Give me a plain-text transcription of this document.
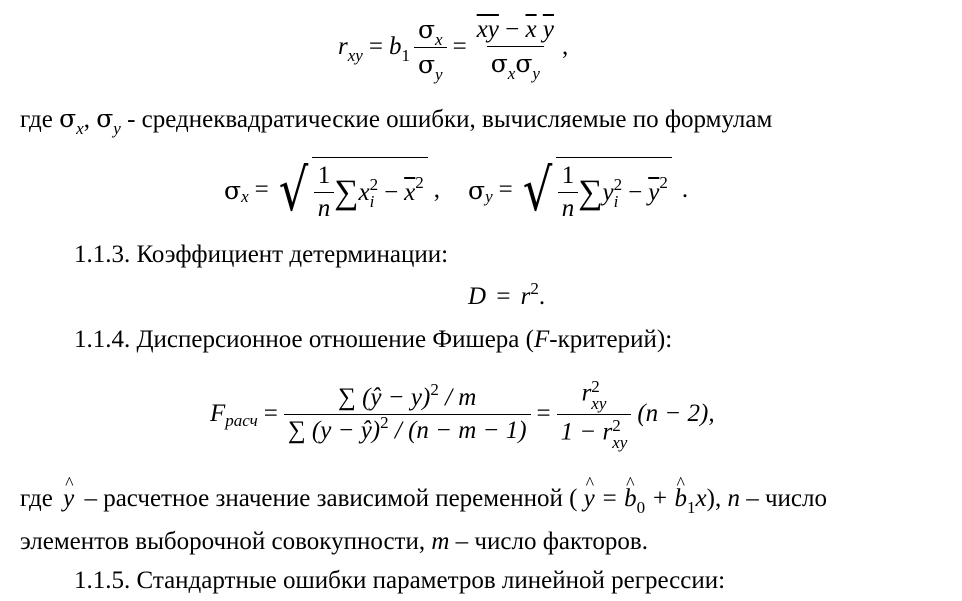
$r_{xy} = b_1 \frac{\sigma_x}{\sigma_y} = \frac{\overline{xy} - \overline{x} \overline{y}}{\sigma_x\sigma_y}$ ,
где $\sigma_x$, $\sigma_y$ - среднеквадратические ошибки, вычисляемые по формулам
σ x = √ $\frac{1}{n}$ ∑ x 2
$i - \overline{x}$ 2 , σ y = √ $\frac{1}{n}$ ∑ y 2
$i - \overline{y}$ 2 .
1.1.3. Коэффициент детерминации:
$D = r^2$.
1.1.4. Дисперсионное отношение Фишера (F-критерий):
F расч = $\frac{\sum (ŷ - y)^2 / m}{\sum (y - ŷ)^2 / (n - m - 1)} = r$ 2
xy
1 − r 2
xy (n − 2),
где ^ y – расчетное значение зависимой переменной ( ^ y = ^ $b_0$ + ^ $b_1x$), n – число
элементов выборочной совокупности, m – число факторов.
1.1.5. Стандартные ошибки параметров линейной регрессии:
